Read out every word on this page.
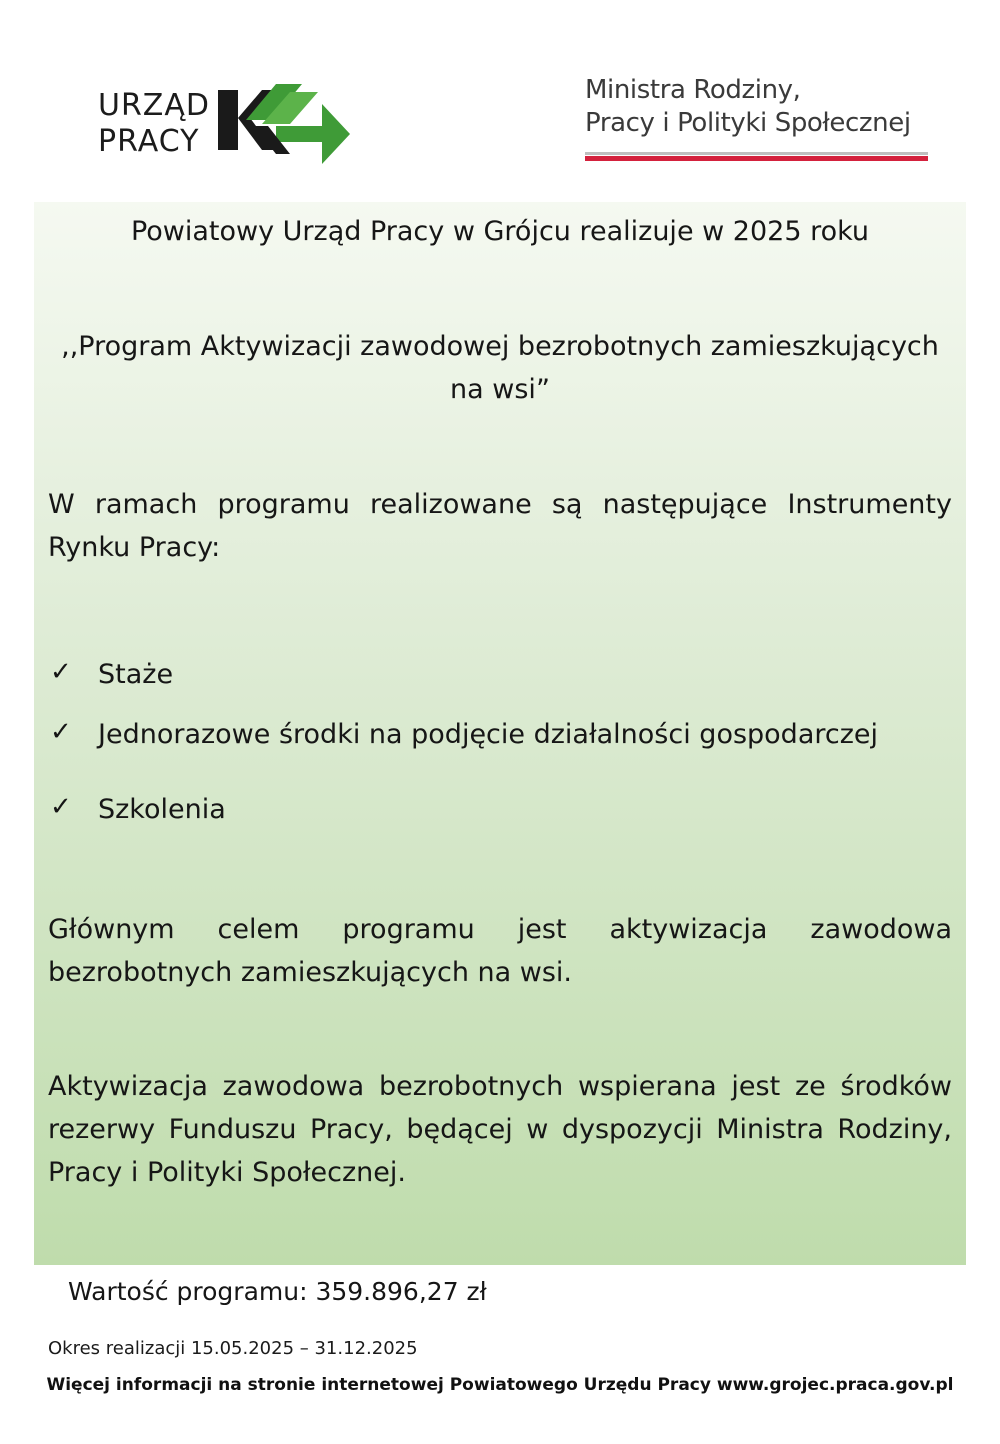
URZĄD
PRACY
Ministra Rodziny,
Pracy i Polityki Społecznej
Powiatowy Urząd Pracy w Grójcu realizuje w 2025 roku
,,Program Aktywizacji zawodowej bezrobotnych zamieszkujących na wsi”
W ramach programu realizowane są następujące Instrumenty Rynku Pracy:
✓ Staże
✓ Jednorazowe środki na podjęcie działalności gospodarczej
✓ Szkolenia
Głównym celem programu jest aktywizacja zawodowa bezrobotnych zamieszkujących na wsi.
Aktywizacja zawodowa bezrobotnych wspierana jest ze środków rezerwy Funduszu Pracy, będącej w dyspozycji Ministra Rodziny, Pracy i Polityki Społecznej.
Wartość programu: 359.896,27 zł
Okres realizacji 15.05.2025 – 31.12.2025
Więcej informacji na stronie internetowej Powiatowego Urzędu Pracy www.grojec.praca.gov.pl
